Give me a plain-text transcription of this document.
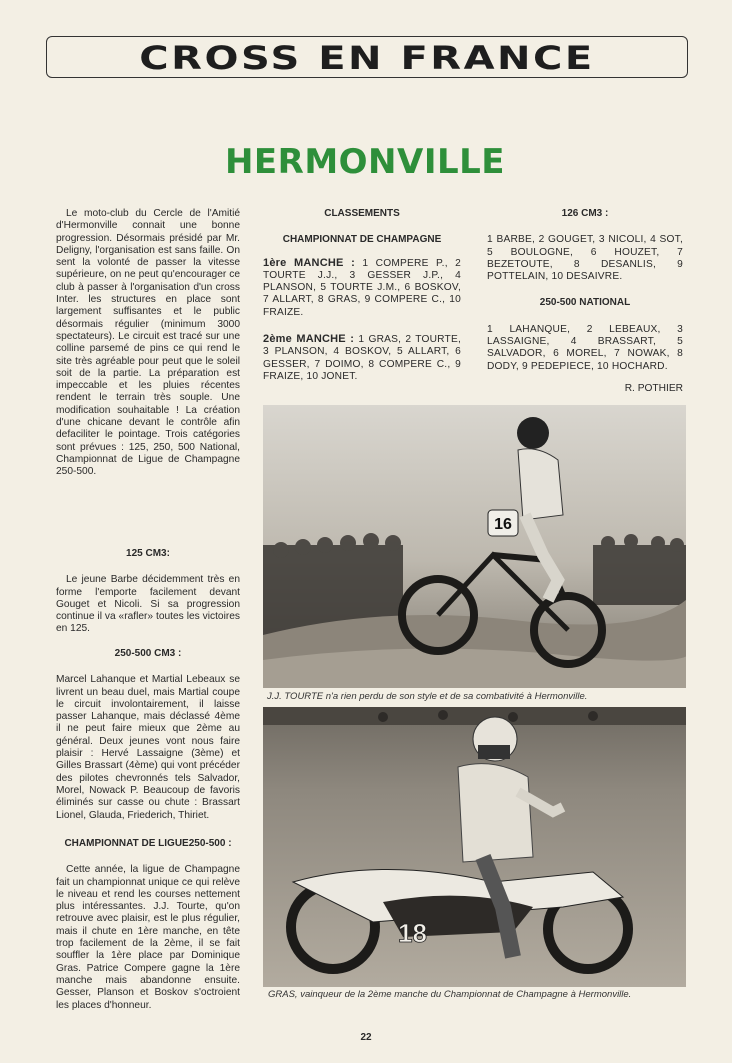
CROSS EN FRANCE
HERMONVILLE

Le moto-club du Cercle de l'Amitié d'Hermonville connait une bonne progression. Désormais présidé par Mr. Deligny, l'organisation est sans faille. On sent la volonté de passer la vitesse supérieure, on ne peut qu'encourager ce club à passer à l'organisation d'un cross Inter. les structures en place sont largement suffisantes et le public désormais régulier (minimum 3000 spectateurs). Le circuit est tracé sur une colline parsemé de pins ce qui rend le site très agréable pour peut que le soleil soit de la partie. La préparation est impeccable et les pluies récentes rendent le terrain très souple. Une modification souhaitable ! La création d'une chicane devant le contrôle afin defaciliter le pointage. Trois catégories sont prévues : 125, 250, 500 National, Championnat de Ligue de Champagne 250-500.

125 CM3:

Le jeune Barbe décidemment très en forme l'emporte facilement devant Gouget et Nicoli. Si sa progression continue il va «rafler» toutes les victoires en 125.

250-500 CM3 :

Marcel Lahanque et Martial Lebeaux se livrent un beau duel, mais Martial coupe le circuit involontairement, il laisse passer Lahanque, mais déclassé 4ème il ne peut faire mieux que 2ème au général. Deux jeunes vont nous faire plaisir : Hervé Lassaigne (3ème) et Gilles Brassart (4ème) qui vont précéder des pilotes chevronnés tels Salvador, Morel, Nowack P. Beaucoup de favoris éliminés sur casse ou chute : Brassart Lionel, Glauda, Friederich, Thiriet.

CHAMPIONNAT DE LIGUE250-500 :

Cette année, la ligue de Champagne fait un championnat unique ce qui relève le niveau et rend les courses nettement plus intéressantes. J.J. Tourte, qu'on retrouve avec plaisir, est le plus régulier, mais il chute en 1ère manche, en tête trop facilement de la 2ème, il se fait souffler la 1ère place par Dominique Gras. Patrice Compere gagne la 1ère manche mais abandonne ensuite. Gesser, Planson et Boskov s'octroient les places d'honneur.

CLASSEMENTS

CHAMPIONNAT DE CHAMPAGNE

1ère MANCHE : 1 COMPERE P., 2 TOURTE J.J., 3 GESSER J.P., 4 PLANSON, 5 TOURTE J.M., 6 BOSKOV, 7 ALLART, 8 GRAS, 9 COMPERE C., 10 FRAIZE.

2ème MANCHE : 1 GRAS, 2 TOURTE, 3 PLANSON, 4 BOSKOV, 5 ALLART, 6 GESSER, 7 DOIMO, 8 COMPERE C., 9 FRAIZE, 10 JONET.

126 CM3 :

1 BARBE, 2 GOUGET, 3 NICOLI, 4 SOT, 5 BOULOGNE, 6 HOUZET, 7 BEZETOUTE, 8 DESANLIS, 9 POTTELAIN, 10 DESAIVRE.

250-500 NATIONAL

1 LAHANQUE, 2 LEBEAUX, 3 LASSAIGNE, 4 BRASSART, 5 SALVADOR, 6 MOREL, 7 NOWAK, 8 DODY, 9 PEDEPIECE, 10 HOCHARD.

R. POTHIER

16
J.J. TOURTE n'a rien perdu de son style et de sa combativité à Hermonville.
18
GRAS, vainqueur de la 2ème manche du Championnat de Champagne à Hermonville.
22
